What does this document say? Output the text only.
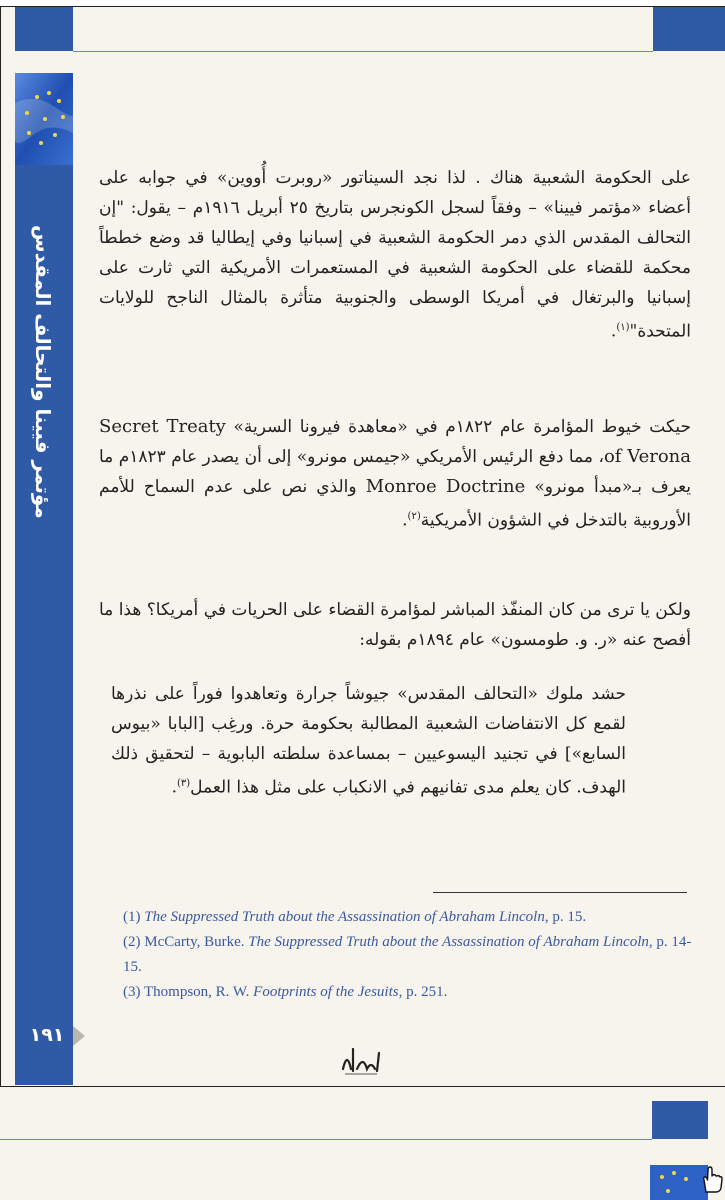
مؤتمر فيينا والتحالف المقدس
١٩١
على الحكومة الشعبية هناك . لذا نجد السيناتور «روبرت أُووين» في جوابه على أعضاء «مؤتمر فيينا» – وفقاً لسجل الكونجرس بتاريخ ٢٥ أبريل ١٩١٦م – يقول: "إن التحالف المقدس الذي دمر الحكومة الشعبية في إسبانيا وفي إيطاليا قد وضع خططاً محكمة للقضاء على الحكومة الشعبية في المستعمرات الأمريكية التي ثارت على إسبانيا والبرتغال في أمريكا الوسطى والجنوبية متأثرة بالمثال الناجح للولايات المتحدة"$^{(١)}$.
حيكت خيوط المؤامرة عام ١٨٢٢م في «معاهدة فيرونا السرية» Secret Treaty of Verona، مما دفع الرئيس الأمريكي «جيمس مونرو» إلى أن يصدر عام ١٨٢٣م ما يعرف بـ«مبدأ مونرو» Monroe Doctrine والذي نص على عدم السماح للأمم الأوروبية بالتدخل في الشؤون الأمريكية$^{(٢)}$.
ولكن يا ترى من كان المنفّذ المباشر لمؤامرة القضاء على الحريات في أمريكا؟ هذا ما أفصح عنه «ر. و. طومسون» عام ١٨٩٤م بقوله:
حشد ملوك «التحالف المقدس» جيوشاً جرارة وتعاهدوا فوراً على نذرها لقمع كل الانتفاضات الشعبية المطالبة بحكومة حرة. ورغِب [البابا «بيوس السابع»] في تجنيد اليسوعيين – بمساعدة سلطته البابوية – لتحقيق ذلك الهدف. كان يعلم مدى تفانيهم في الانكباب على مثل هذا العمل$^{(٣)}$.

(1) The Suppressed Truth about the Assassination of Abraham Lincoln, p. 15.

(2) McCarty, Burke. The Suppressed Truth about the Assassination of Abraham Lincoln, p. 14-15.

(3) Thompson, R. W. Footprints of the Jesuits, p. 251.
